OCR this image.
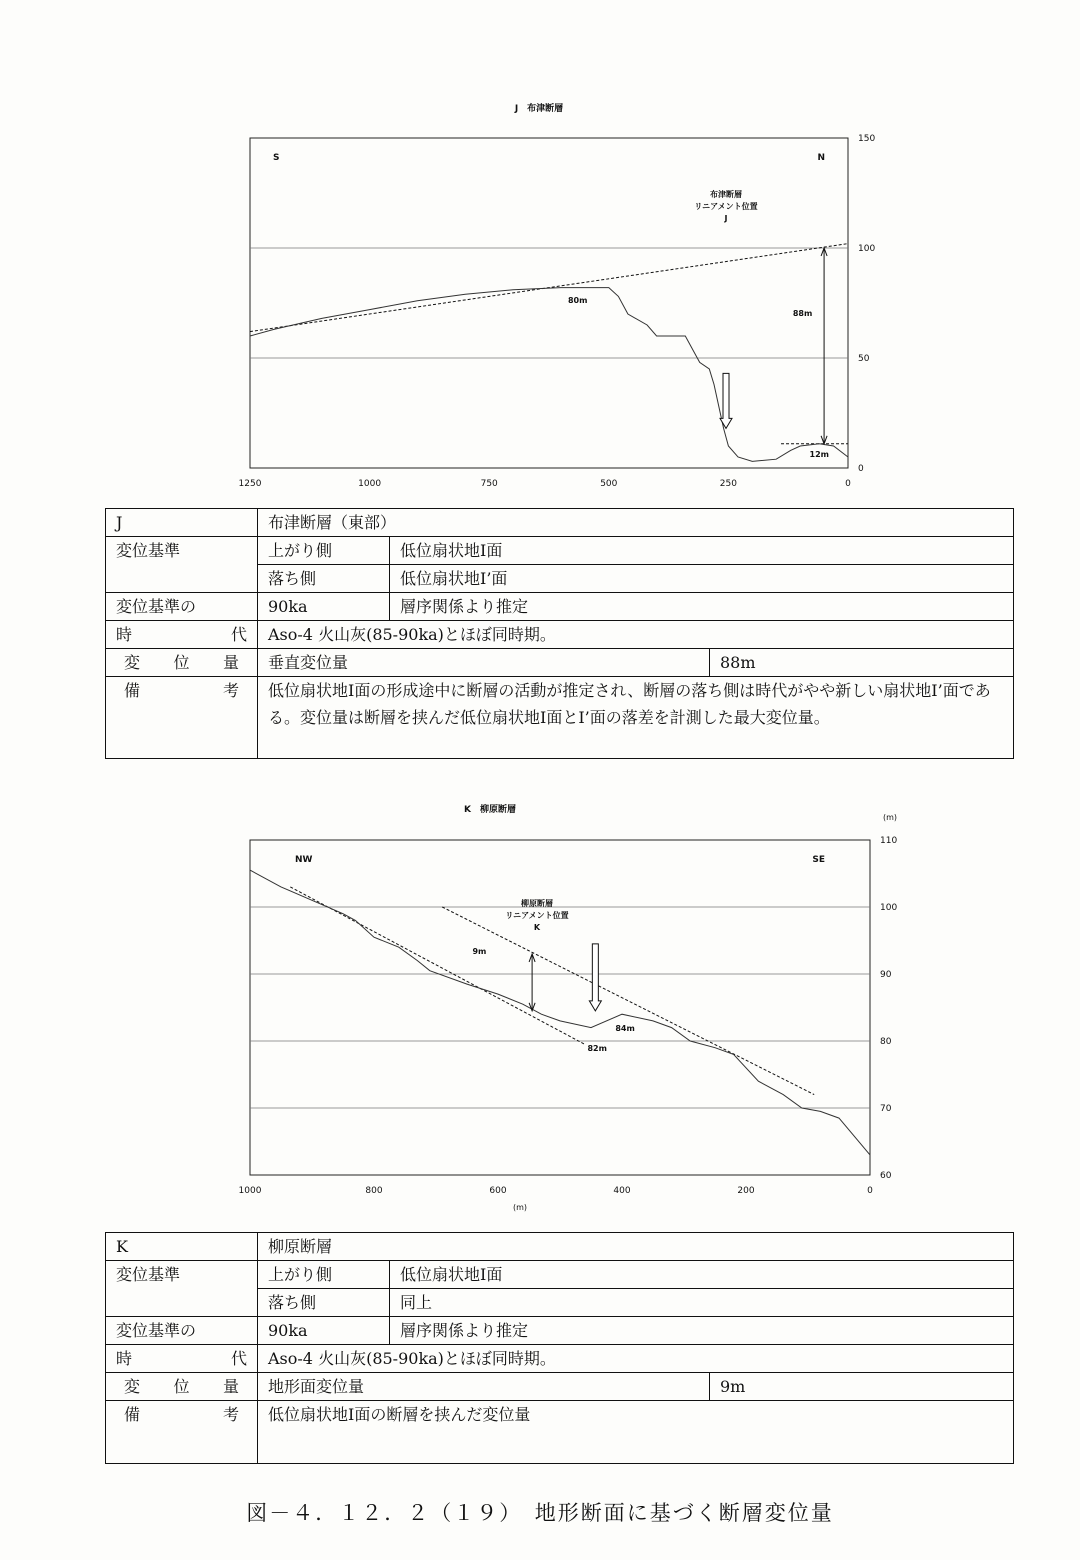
J　布津断層
0
50
100
150
1250	1000	750	500	250	0
S	N
布津断層
リニアメント位置
J
80m
88m
12m
J	布津断層（東部）		
変位基準	上がり側	低位扇状地Ⅰ面	
	落ち側	低位扇状地Ⅰ’面	
変位基準の	90ka	層序関係より推定	

時 代	Aso-4 火山灰(85-90ka)とほぼ同時期。		

変 位 量	垂直変位量		88m

備 考	低位扇状地Ⅰ面の形成途中に断層の活動が推定され、断層の落ち側は時代がやや新しい扇状地Ⅰ’面である。変位量は断層を挟んだ低位扇状地Ⅰ面とⅠ’面の落差を計測した最大変位量。		
K　柳原断層
60
70
80
90
100
110
(m)
1000	800	600	400	200	0
(m)
NW	SE
柳原断層
リニアメント位置
K
9m
84m
82m
K	柳原断層		
変位基準	上がり側	低位扇状地Ⅰ面	
	落ち側	同上	
変位基準の	90ka	層序関係より推定	

時 代	Aso-4 火山灰(85-90ka)とほぼ同時期。		

変 位 量	地形面変位量		9m

備 考	低位扇状地Ⅰ面の断層を挟んだ変位量		
図－４．１２．２（１９）　地形断面に基づく断層変位量
